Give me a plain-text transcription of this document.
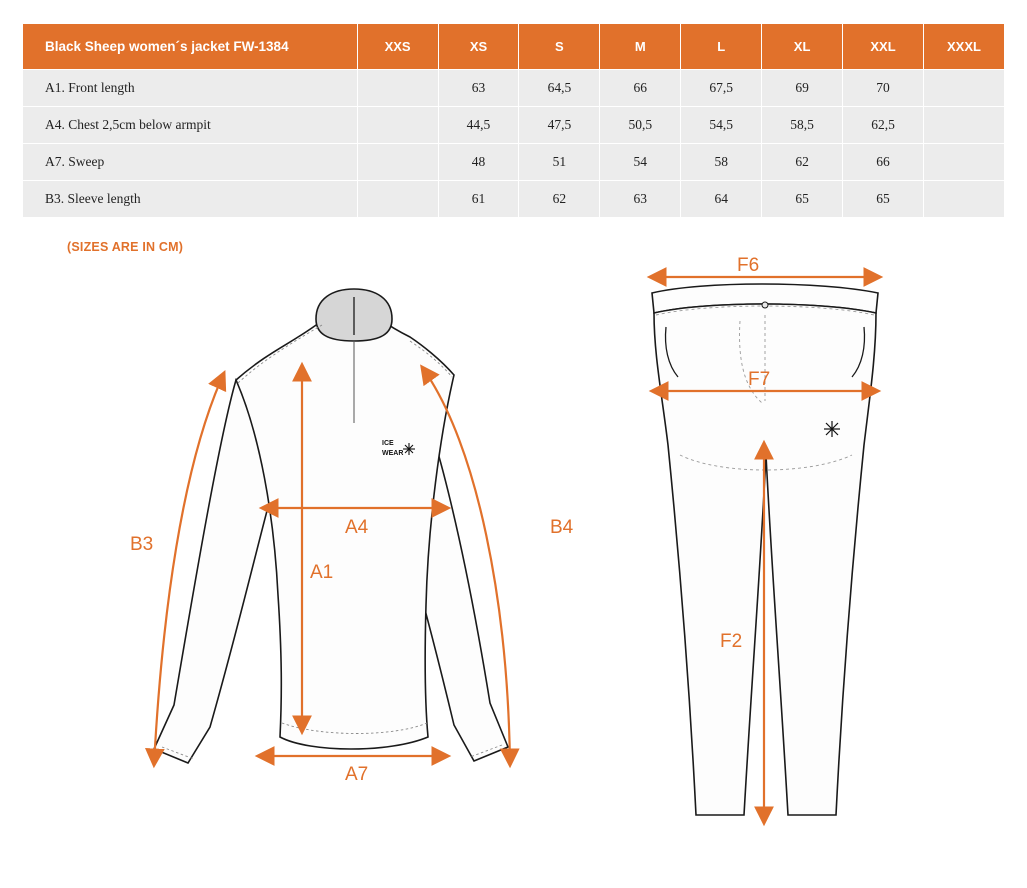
Black Sheep women´s jacket FW-1384	XXS	XS	S	M	L	XL	XXL	XXXL
A1. Front length		63	64,5	66	67,5	69	70	
A4. Chest 2,5cm below armpit		44,5	47,5	50,5	54,5	58,5	62,5	
A7. Sweep		48	51	54	58	62	66	
B3. Sleeve length		61	62	63	64	65	65	
(SIZES ARE IN CM)
ICE
WEAR
B3
A4
A1
B4
A7
F6
F7
F2
